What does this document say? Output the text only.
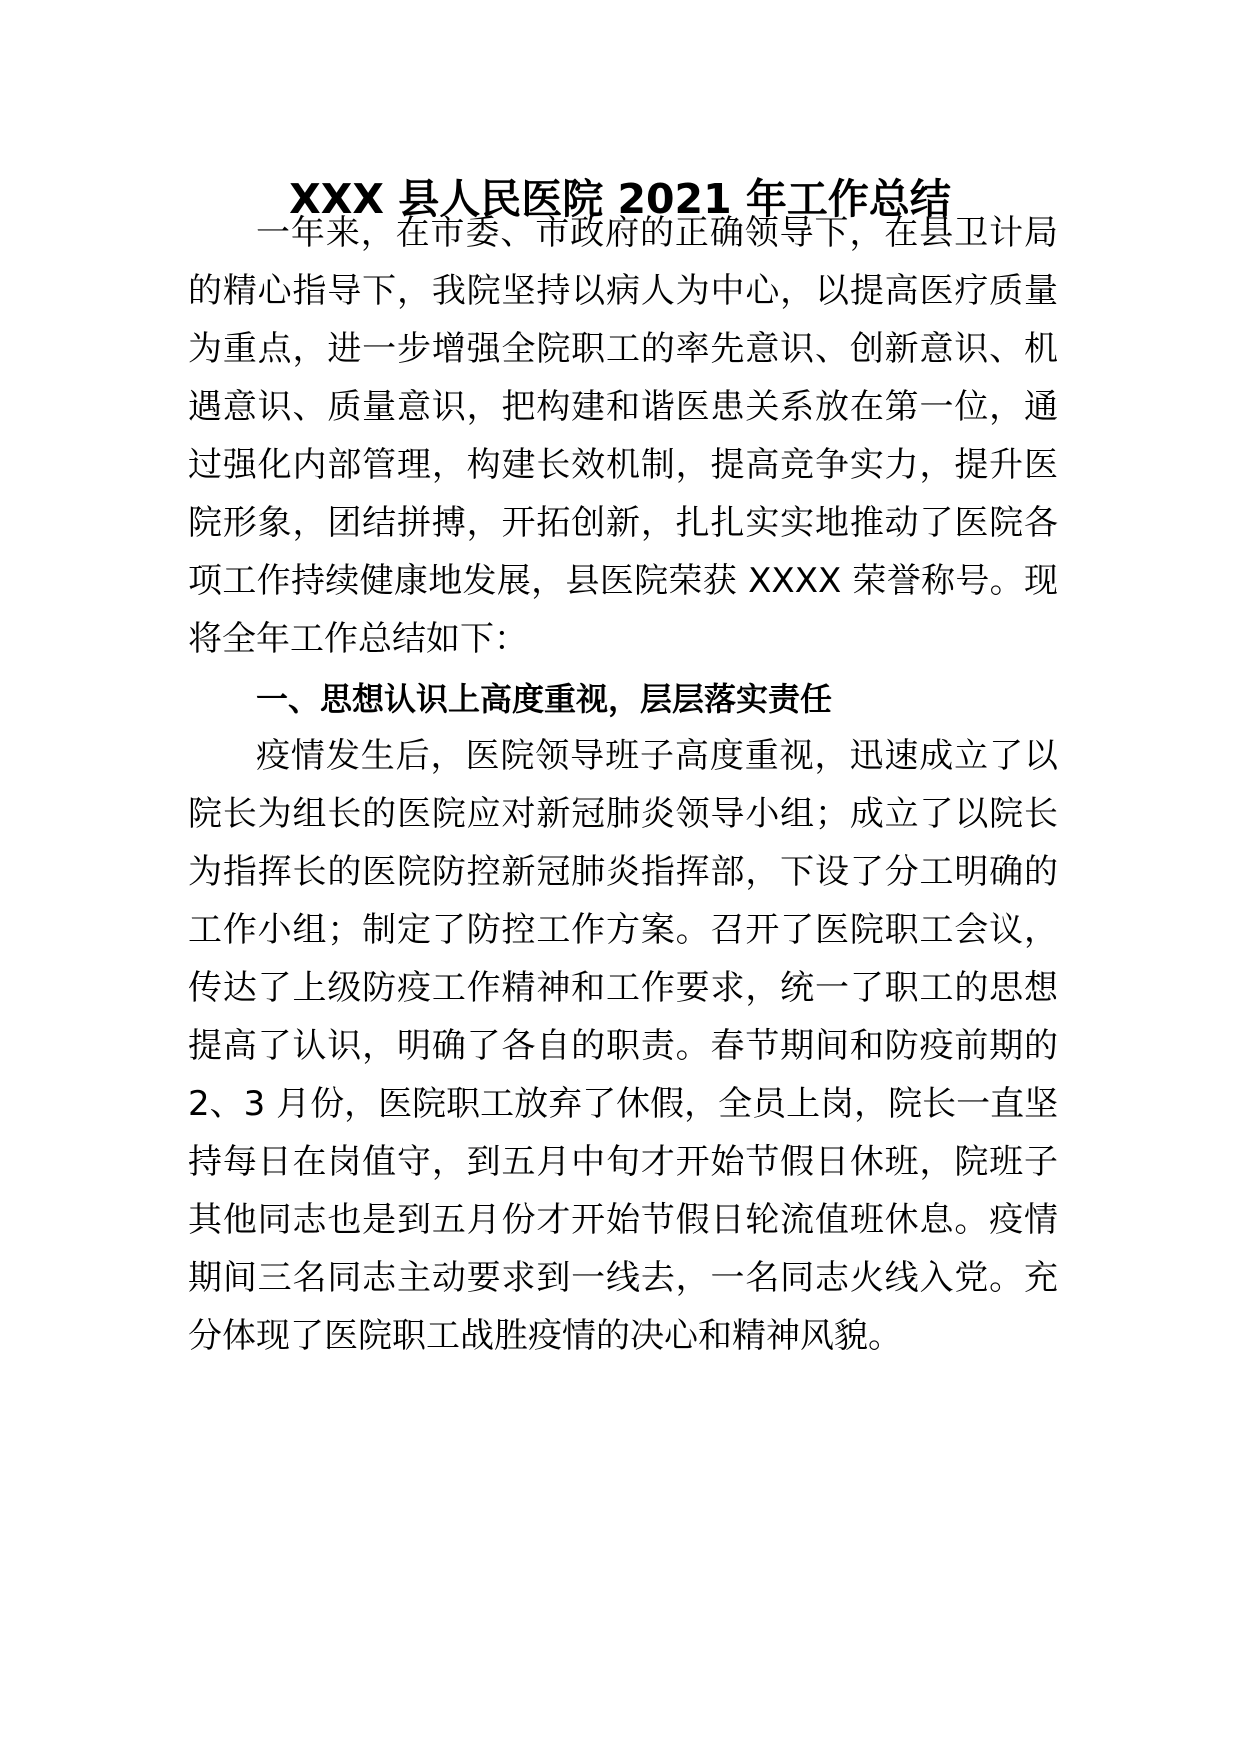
XXX 县人民医院 2021 年工作总结
一年来，在市委、市政府的正确领导下，在县卫计局
的精心指导下，我院坚持以病人为中心，以提高医疗质量
为重点，进一步增强全院职工的率先意识、创新意识、机
遇意识、质量意识，把构建和谐医患关系放在第一位，通
过强化内部管理，构建长效机制，提高竞争实力，提升医
院形象，团结拼搏，开拓创新，扎扎实实地推动了医院各
项工作持续健康地发展，县医院荣获 XXXX 荣誉称号。现
将全年工作总结如下：
一、思想认识上高度重视，层层落实责任
疫情发生后，医院领导班子高度重视，迅速成立了以
院长为组长的医院应对新冠肺炎领导小组；成立了以院长
为指挥长的医院防控新冠肺炎指挥部，下设了分工明确的
工作小组；制定了防控工作方案。召开了医院职工会议，
传达了上级防疫工作精神和工作要求，统一了职工的思想
提高了认识，明确了各自的职责。春节期间和防疫前期的
2、3 月份，医院职工放弃了休假，全员上岗，院长一直坚
持每日在岗值守，到五月中旬才开始节假日休班，院班子
其他同志也是到五月份才开始节假日轮流值班休息。疫情
期间三名同志主动要求到一线去，一名同志火线入党。充
分体现了医院职工战胜疫情的决心和精神风貌。
